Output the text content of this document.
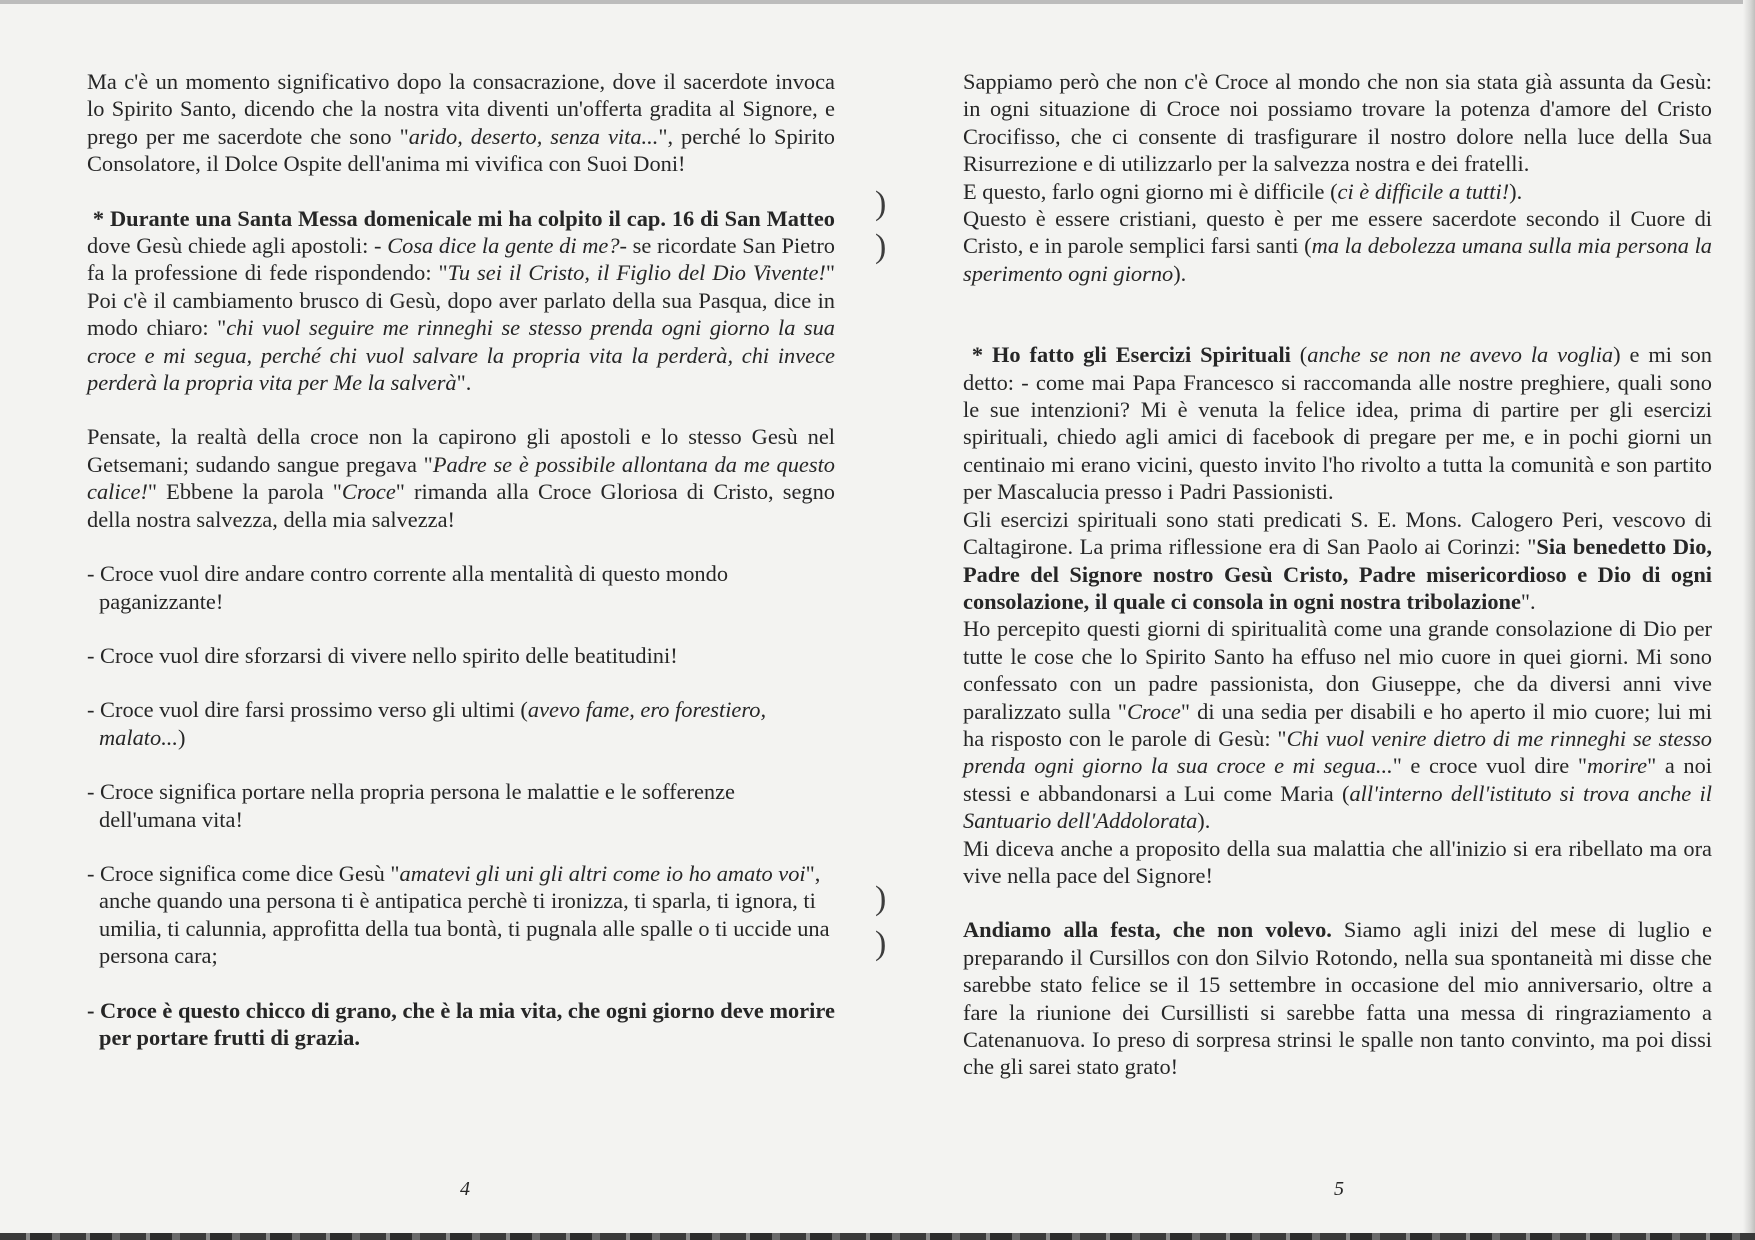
)
)
)
)

Ma c'è un momento significativo dopo la consacrazione, dove il sacerdote invoca lo Spirito Santo, dicendo che la nostra vita diventi un'offerta gradita al Signore, e prego per me sacerdote che sono "arido, deserto, senza vita...", perché lo Spirito Consolatore, il Dolce Ospite dell'anima mi vivifica con Suoi Doni!

* Durante una Santa Messa domenicale mi ha colpito il cap. 16 di San Matteo dove Gesù chiede agli apostoli: - Cosa dice la gente di me?- se ricordate San Pietro fa la professione di fede rispondendo: "Tu sei il Cristo, il Figlio del Dio Vivente!" Poi c'è il cambiamento brusco di Gesù, dopo aver parlato della sua Pasqua, dice in modo chiaro: "chi vuol seguire me rinneghi se stesso prenda ogni giorno la sua croce e mi segua, perché chi vuol salvare la propria vita la perderà, chi invece perderà la propria vita per Me la salverà".

Pensate, la realtà della croce non la capirono gli apostoli e lo stesso Gesù nel Getsemani; sudando sangue pregava "Padre se è possibile allontana da me questo calice!" Ebbene la parola "Croce" rimanda alla Croce Gloriosa di Cristo, segno della nostra salvezza, della mia salvezza!

- Croce vuol dire andare contro corrente alla mentalità di questo mondo paganizzante!

- Croce vuol dire sforzarsi di vivere nello spirito delle beatitudini!

- Croce vuol dire farsi prossimo verso gli ultimi (avevo fame, ero forestiero, malato...)

- Croce significa portare nella propria persona le malattie e le sofferenze dell'umana vita!

- Croce significa come dice Gesù "amatevi gli uni gli altri come io ho amato voi", anche quando una persona ti è antipatica perchè ti ironizza, ti sparla, ti ignora, ti umilia, ti calunnia, approfitta della tua bontà, ti pugnala alle spalle o ti uccide una persona cara;

- Croce è questo chicco di grano, che è la mia vita, che ogni giorno deve morire per portare frutti di grazia.

4

Sappiamo però che non c'è Croce al mondo che non sia stata già assunta da Gesù: in ogni situazione di Croce noi possiamo trovare la potenza d'amore del Cristo Crocifisso, che ci consente di trasfigurare il nostro dolore nella luce della Sua Risurrezione e di utilizzarlo per la salvezza nostra e dei fratelli.

E questo, farlo ogni giorno mi è difficile (ci è difficile a tutti!).

Questo è essere cristiani, questo è per me essere sacerdote secondo il Cuore di Cristo, e in parole semplici farsi santi (ma la debolezza umana sulla mia persona la sperimento ogni giorno).

* Ho fatto gli Esercizi Spirituali (anche se non ne avevo la voglia) e mi son detto: - come mai Papa Francesco si raccomanda alle nostre preghiere, quali sono le sue intenzioni? Mi è venuta la felice idea, prima di partire per gli esercizi spirituali, chiedo agli amici di facebook di pregare per me, e in pochi giorni un centinaio mi erano vicini, questo invito l'ho rivolto a tutta la comunità e son partito per Mascalucia presso i Padri Passionisti.

Gli esercizi spirituali sono stati predicati S. E. Mons. Calogero Peri, vescovo di Caltagirone. La prima riflessione era di San Paolo ai Corinzi: "Sia benedetto Dio, Padre del Signore nostro Gesù Cristo, Padre misericordioso e Dio di ogni consolazione, il quale ci consola in ogni nostra tribolazione".

Ho percepito questi giorni di spiritualità come una grande consolazione di Dio per tutte le cose che lo Spirito Santo ha effuso nel mio cuore in quei giorni. Mi sono confessato con un padre passionista, don Giuseppe, che da diversi anni vive paralizzato sulla "Croce" di una sedia per disabili e ho aperto il mio cuore; lui mi ha risposto con le parole di Gesù: "Chi vuol venire dietro di me rinneghi se stesso prenda ogni giorno la sua croce e mi segua..." e croce vuol dire "morire" a noi stessi e abbandonarsi a Lui come Maria (all'interno dell'istituto si trova anche il Santuario dell'Addolorata).

Mi diceva anche a proposito della sua malattia che all'inizio si era ribellato ma ora vive nella pace del Signore!

Andiamo alla festa, che non volevo. Siamo agli inizi del mese di luglio e preparando il Cursillos con don Silvio Rotondo, nella sua spontaneità mi disse che sarebbe stato felice se il 15 settembre in occasione del mio anniversario, oltre a fare la riunione dei Cursillisti si sarebbe fatta una messa di ringraziamento a Catenanuova. Io preso di sorpresa strinsi le spalle non tanto convinto, ma poi dissi che gli sarei stato grato!

5
